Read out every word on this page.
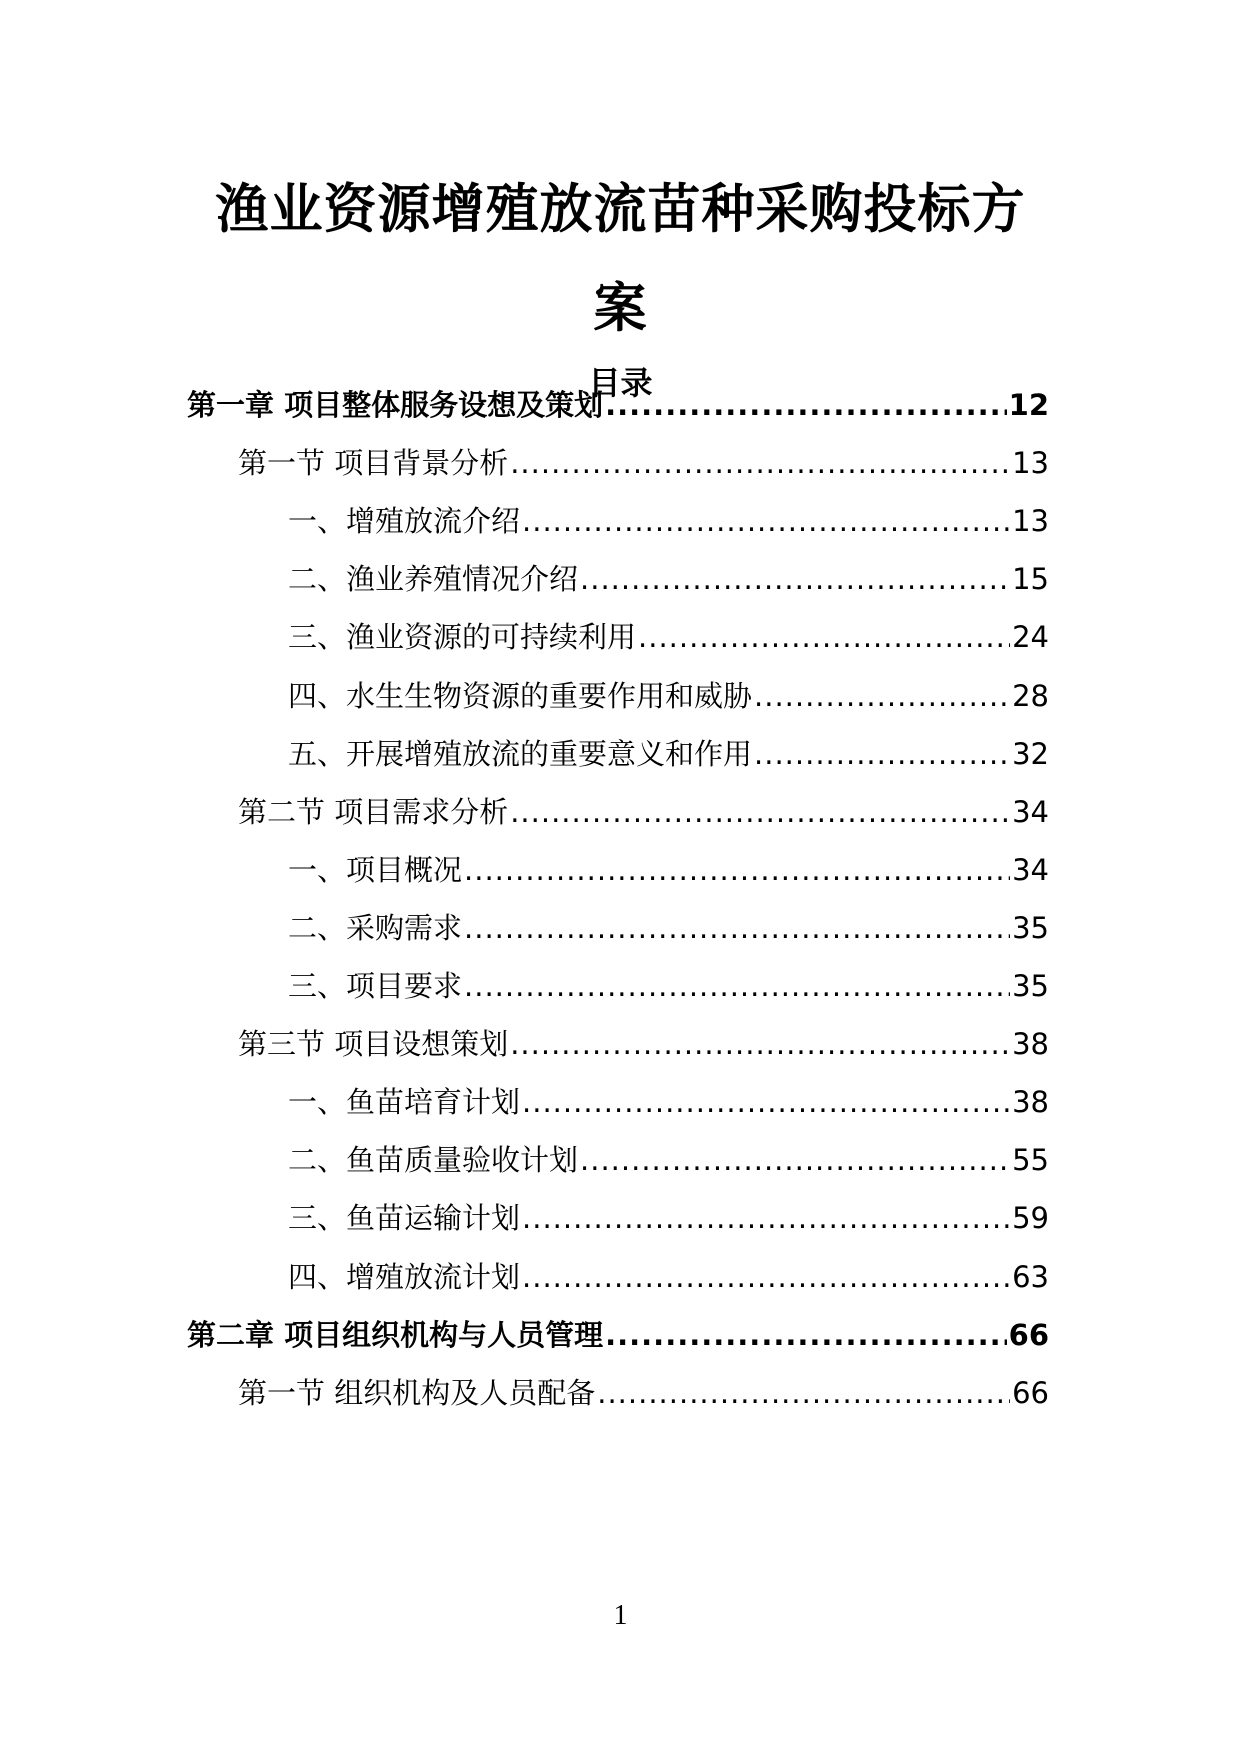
渔业资源增殖放流苗种采购投标方
案
目录
第一章 项目整体服务设想及策划 .....	12
第一节 项目背景分析 .....	13
一、增殖放流介绍 .....	13
二、渔业养殖情况介绍 .....	15
三、渔业资源的可持续利用 .....	24
四、水生生物资源的重要作用和威胁 .....	28
五、开展增殖放流的重要意义和作用 .....	32
第二节 项目需求分析 .....	34
一、项目概况 .....	34
二、采购需求 .....	35
三、项目要求 .....	35
第三节 项目设想策划 .....	38
一、鱼苗培育计划 .....	38
二、鱼苗质量验收计划 .....	55
三、鱼苗运输计划 .....	59
四、增殖放流计划 .....	63
第二章 项目组织机构与人员管理 .....	66
第一节 组织机构及人员配备 .....	66
1
